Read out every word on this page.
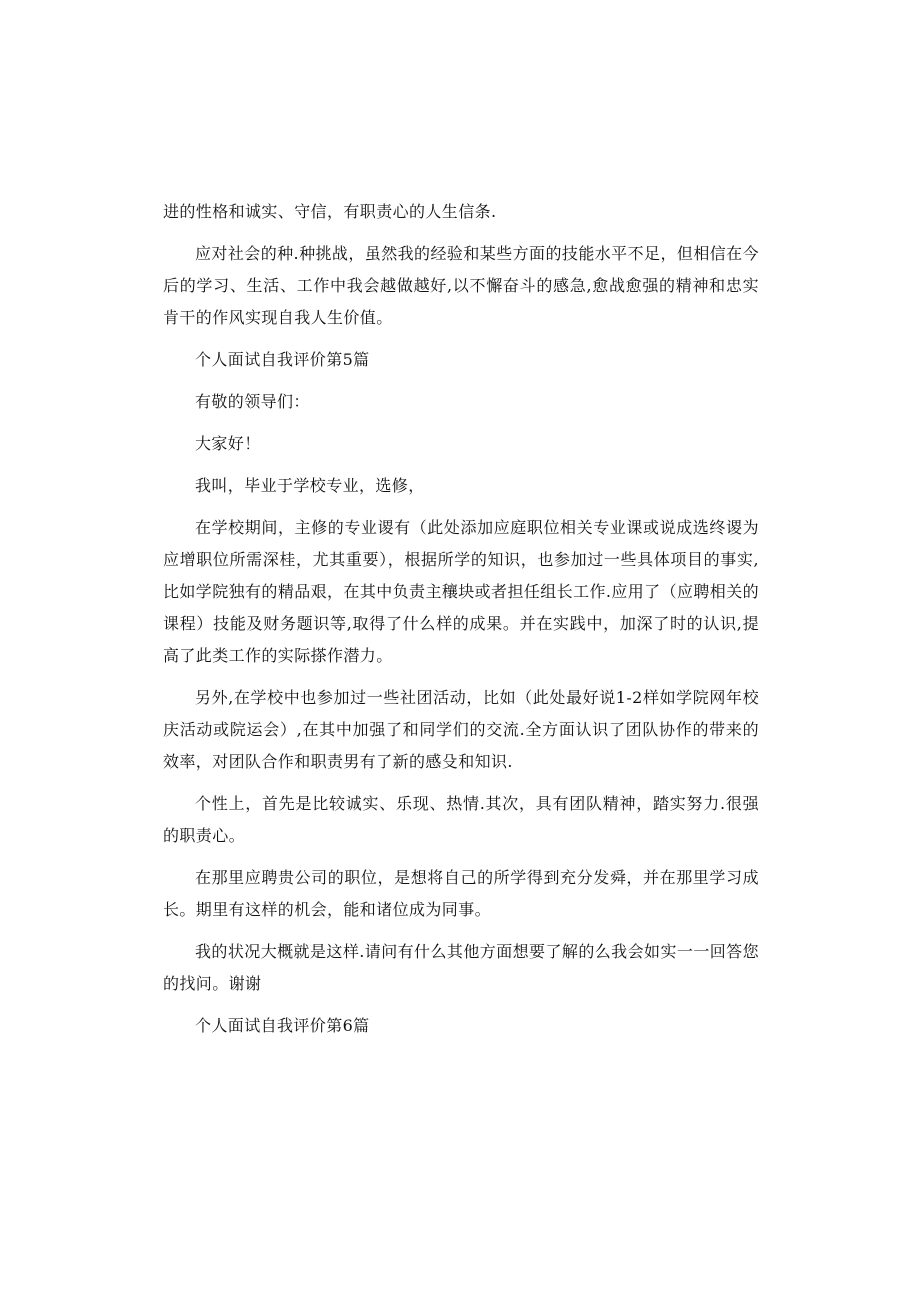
进的性格和诚实、守信，有职责心的人生信条.

应对社会的种.种挑战，虽然我的经验和某些方面的技能水平不足，但相信在今后的学习、生活、工作中我会越做越好,以不懈奋斗的感急,愈战愈强的精神和忠实肯干的作风实现自我人生价值。

个人面试自我评价第5篇

有敬的领导们：

大家好！

我叫，毕业于学校专业，选修，

在学校期间，主修的专业谡有（此处添加应庭职位相关专业课或说成选终谡为应增职位所需深桂，尤其重要），根据所学的知识，也参加过一些具体项目的事实,比如学院独有的精品艰，在其中负责主穰块或者担任组长工作.应用了（应聘相关的课程）技能及财务题识等,取得了什么样的成果。并在实践中，加深了时的认识,提高了此类工作的实际搽作潜力。

另外,在学校中也参加过一些社团活动，比如（此处最好说1-2样如学院网年校庆活动或院运会）,在其中加强了和同学们的交流.全方面认识了团队协作的带来的效率，对团队合作和职责男有了新的感殳和知识.

个性上，首先是比较诚实、乐现、热情.其次，具有团队精神，踏实努力.很强的职责心。

在那里应聘贵公司的职位，是想将自己的所学得到充分发舜，并在那里学习成长。期里有这样的机会，能和诸位成为同事。

我的状况大概就是这样.请问有什么其他方面想要了解的么我会如实一一回答您的找问。谢谢

个人面试自我评价第6篇
